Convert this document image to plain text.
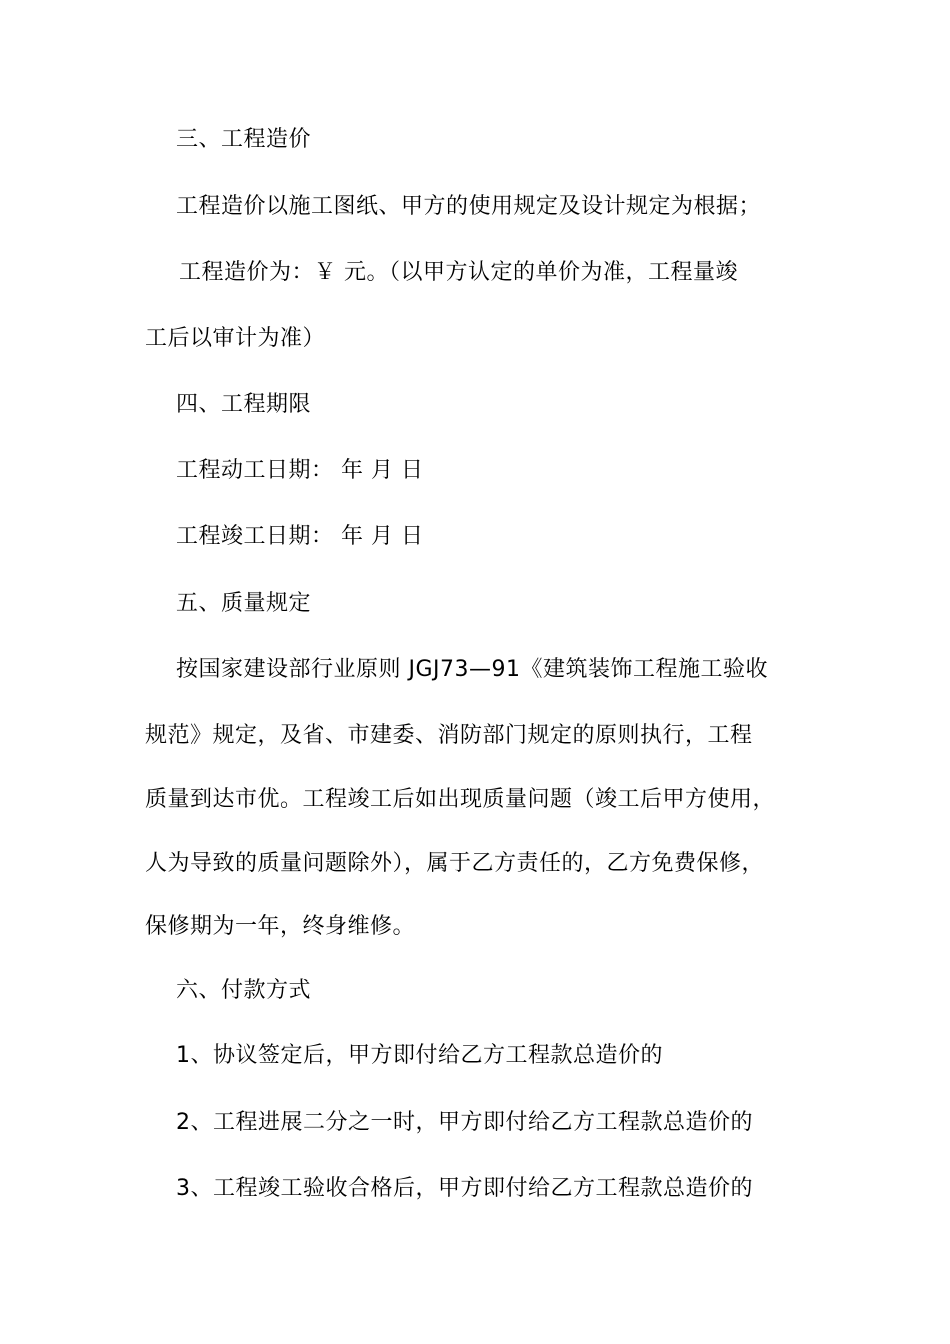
三、工程造价

工程造价以施工图纸、甲方的使用规定及设计规定为根据；

工程造价为：￥ 元。（以甲方认定的单价为准，工程量竣

工后以审计为准）

四、工程期限

工程动工日期： 年 月 日

工程竣工日期： 年 月 日

五、质量规定

按国家建设部行业原则 JGJ73—91《建筑装饰工程施工验收

规范》规定，及省、市建委、消防部门规定的原则执行，工程

质量到达市优。工程竣工后如出现质量问题（竣工后甲方使用，

人为导致的质量问题除外），属于乙方责任的，乙方免费保修，

保修期为一年，终身维修。

六、付款方式

1、协议签定后，甲方即付给乙方工程款总造价的

2、工程进展二分之一时，甲方即付给乙方工程款总造价的

3、工程竣工验收合格后，甲方即付给乙方工程款总造价的
